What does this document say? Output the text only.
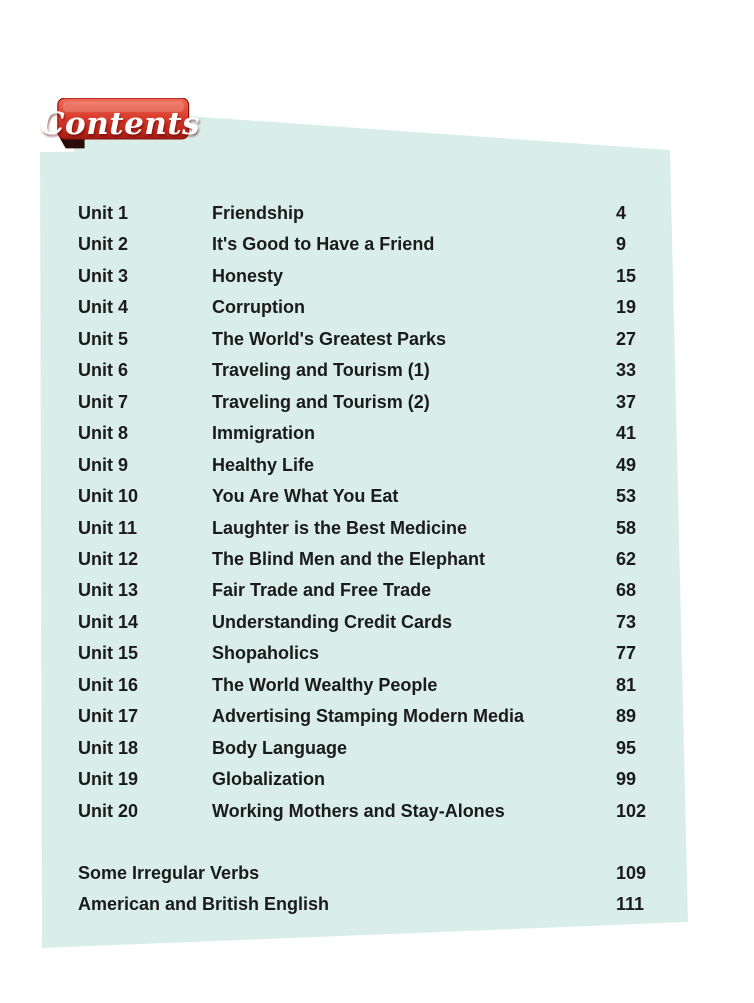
Contents
Unit 1	Friendship	4
Unit 2	It's Good to Have a Friend	9
Unit 3	Honesty	15
Unit 4	Corruption	19
Unit 5	The World's Greatest Parks	27
Unit 6	Traveling and Tourism (1)	33
Unit 7	Traveling and Tourism (2)	37
Unit 8	Immigration	41
Unit 9	Healthy Life	49
Unit 10	You Are What You Eat	53
Unit 11	Laughter is the Best Medicine	58
Unit 12	The Blind Men and the Elephant	62
Unit 13	Fair Trade and Free Trade	68
Unit 14	Understanding Credit Cards	73
Unit 15	Shopaholics	77
Unit 16	The World Wealthy People	81
Unit 17	Advertising Stamping Modern Media	89
Unit 18	Body Language	95
Unit 19	Globalization	99
Unit 20	Working Mothers and Stay-Alones	102
Some Irregular Verbs	109
American and British English	111
